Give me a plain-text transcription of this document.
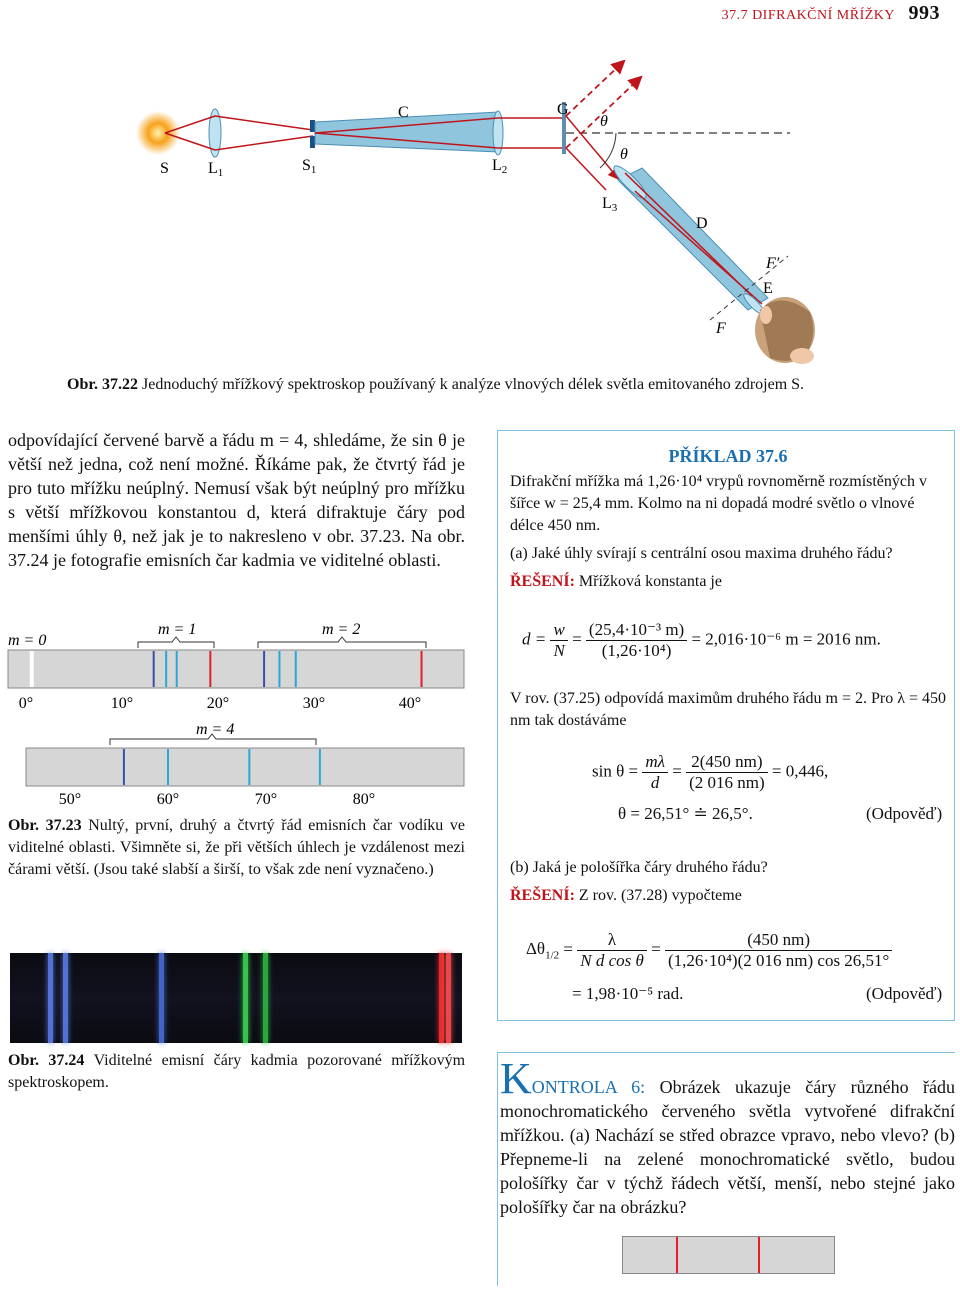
37.7 DIFRAKČNÍ MŘÍŽKY 993
S L1	S1
C
L2
G
θ
θ
L3
D
F′
E
F
Obr. 37.22 Jednoduchý mřížkový spektroskop používaný k analýze vlnových délek světla emitovaného zdrojem S.
odpovídající červené barvě a řádu m = 4, shledáme, že sin θ je větší než jedna, což není možné. Říkáme pak, že čtvrtý řád je pro tuto mřížku neúplný. Nemusí však být neúplný pro mřížku s větší mřížkovou konstantou d, která difraktuje čáry pod menšími úhly θ, než jak je to nakresleno v obr. 37.23. Na obr. 37.24 je fotografie emisních čar kadmia ve viditelné oblasti.
m = 0
m = 1	m = 2
m = 4
0°	10°	20°	30°	40°
50°	60°	70°	80°
Obr. 37.23 Nultý, první, druhý a čtvrtý řád emisních čar vodíku ve viditelné oblasti. Všimněte si, že při větších úhlech je vzdálenost mezi čárami větší. (Jsou také slabší a širší, to však zde není vyznačeno.)
Obr. 37.24 Viditelné emisní čáry kadmia pozorované mřížkovým spektroskopem.
PŘÍKLAD 37.6
Difrakční mřížka má 1,26·10⁴ vrypů rovnoměrně rozmístěných v šířce w = 25,4 mm. Kolmo na ni dopadá modré světlo o vlnové délce 450 nm.
(a) Jaké úhly svírají s centrální osou maxima druhého řádu?
ŘEŠENÍ: Mřížková konstanta je
$d = \frac{w}{N} = \frac{\text{(25,4·10⁻³ m)}}{\text{(1,26·10⁴)}} = 2,016\cdot 10^{-6}$ m = 2016 nm.
V rov. (37.25) odpovídá maximům druhého řádu m = 2. Pro λ = 450 nm tak dostáváme
$\sin \theta = \frac{m\lambda}{d} = \frac{2(450 nm)}{(2 016 nm)} = 0,446$,
θ = 26,51° ≐ 26,5°.	(Odpověď)
(b) Jaká je pološířka čáry druhého řádu?
ŘEŠENÍ: Z rov. (37.28) vypočteme
$\Delta\theta_{1/2} = \frac{\lambda}{\text{N d cos θ}} = \frac{(450 nm)}{\text{(1,26·10⁴)(2 016 nm) cos 26,51°}}$
= 1,98·10⁻⁵ rad.	(Odpověď)
KONTROLA 6: Obrázek ukazuje čáry různého řádu monochromatického červeného světla vytvořené difrakční mřížkou. (a) Nachází se střed obrazce vpravo, nebo vlevo? (b) Přepneme-li na zelené monochromatické světlo, budou pološířky čar v týchž řádech větší, menší, nebo stejné jako pološířky čar na obrázku?
